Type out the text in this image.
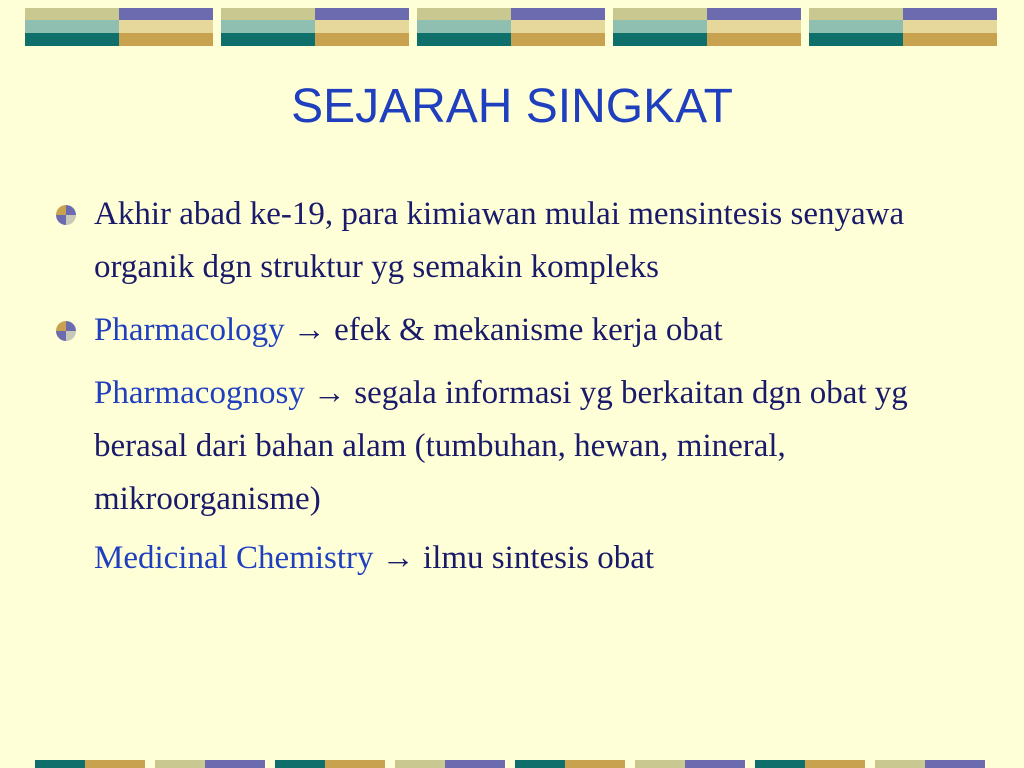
SEJARAH SINGKAT
Akhir abad ke-19, para kimiawan mulai mensintesis senyawa organik dgn struktur yg semakin kompleks
Pharmacology → efek & mekanisme kerja obat
Pharmacognosy → segala informasi yg berkaitan dgn obat yg berasal dari bahan alam (tumbuhan, hewan, mineral, mikroorganisme)
Medicinal Chemistry → ilmu sintesis obat
